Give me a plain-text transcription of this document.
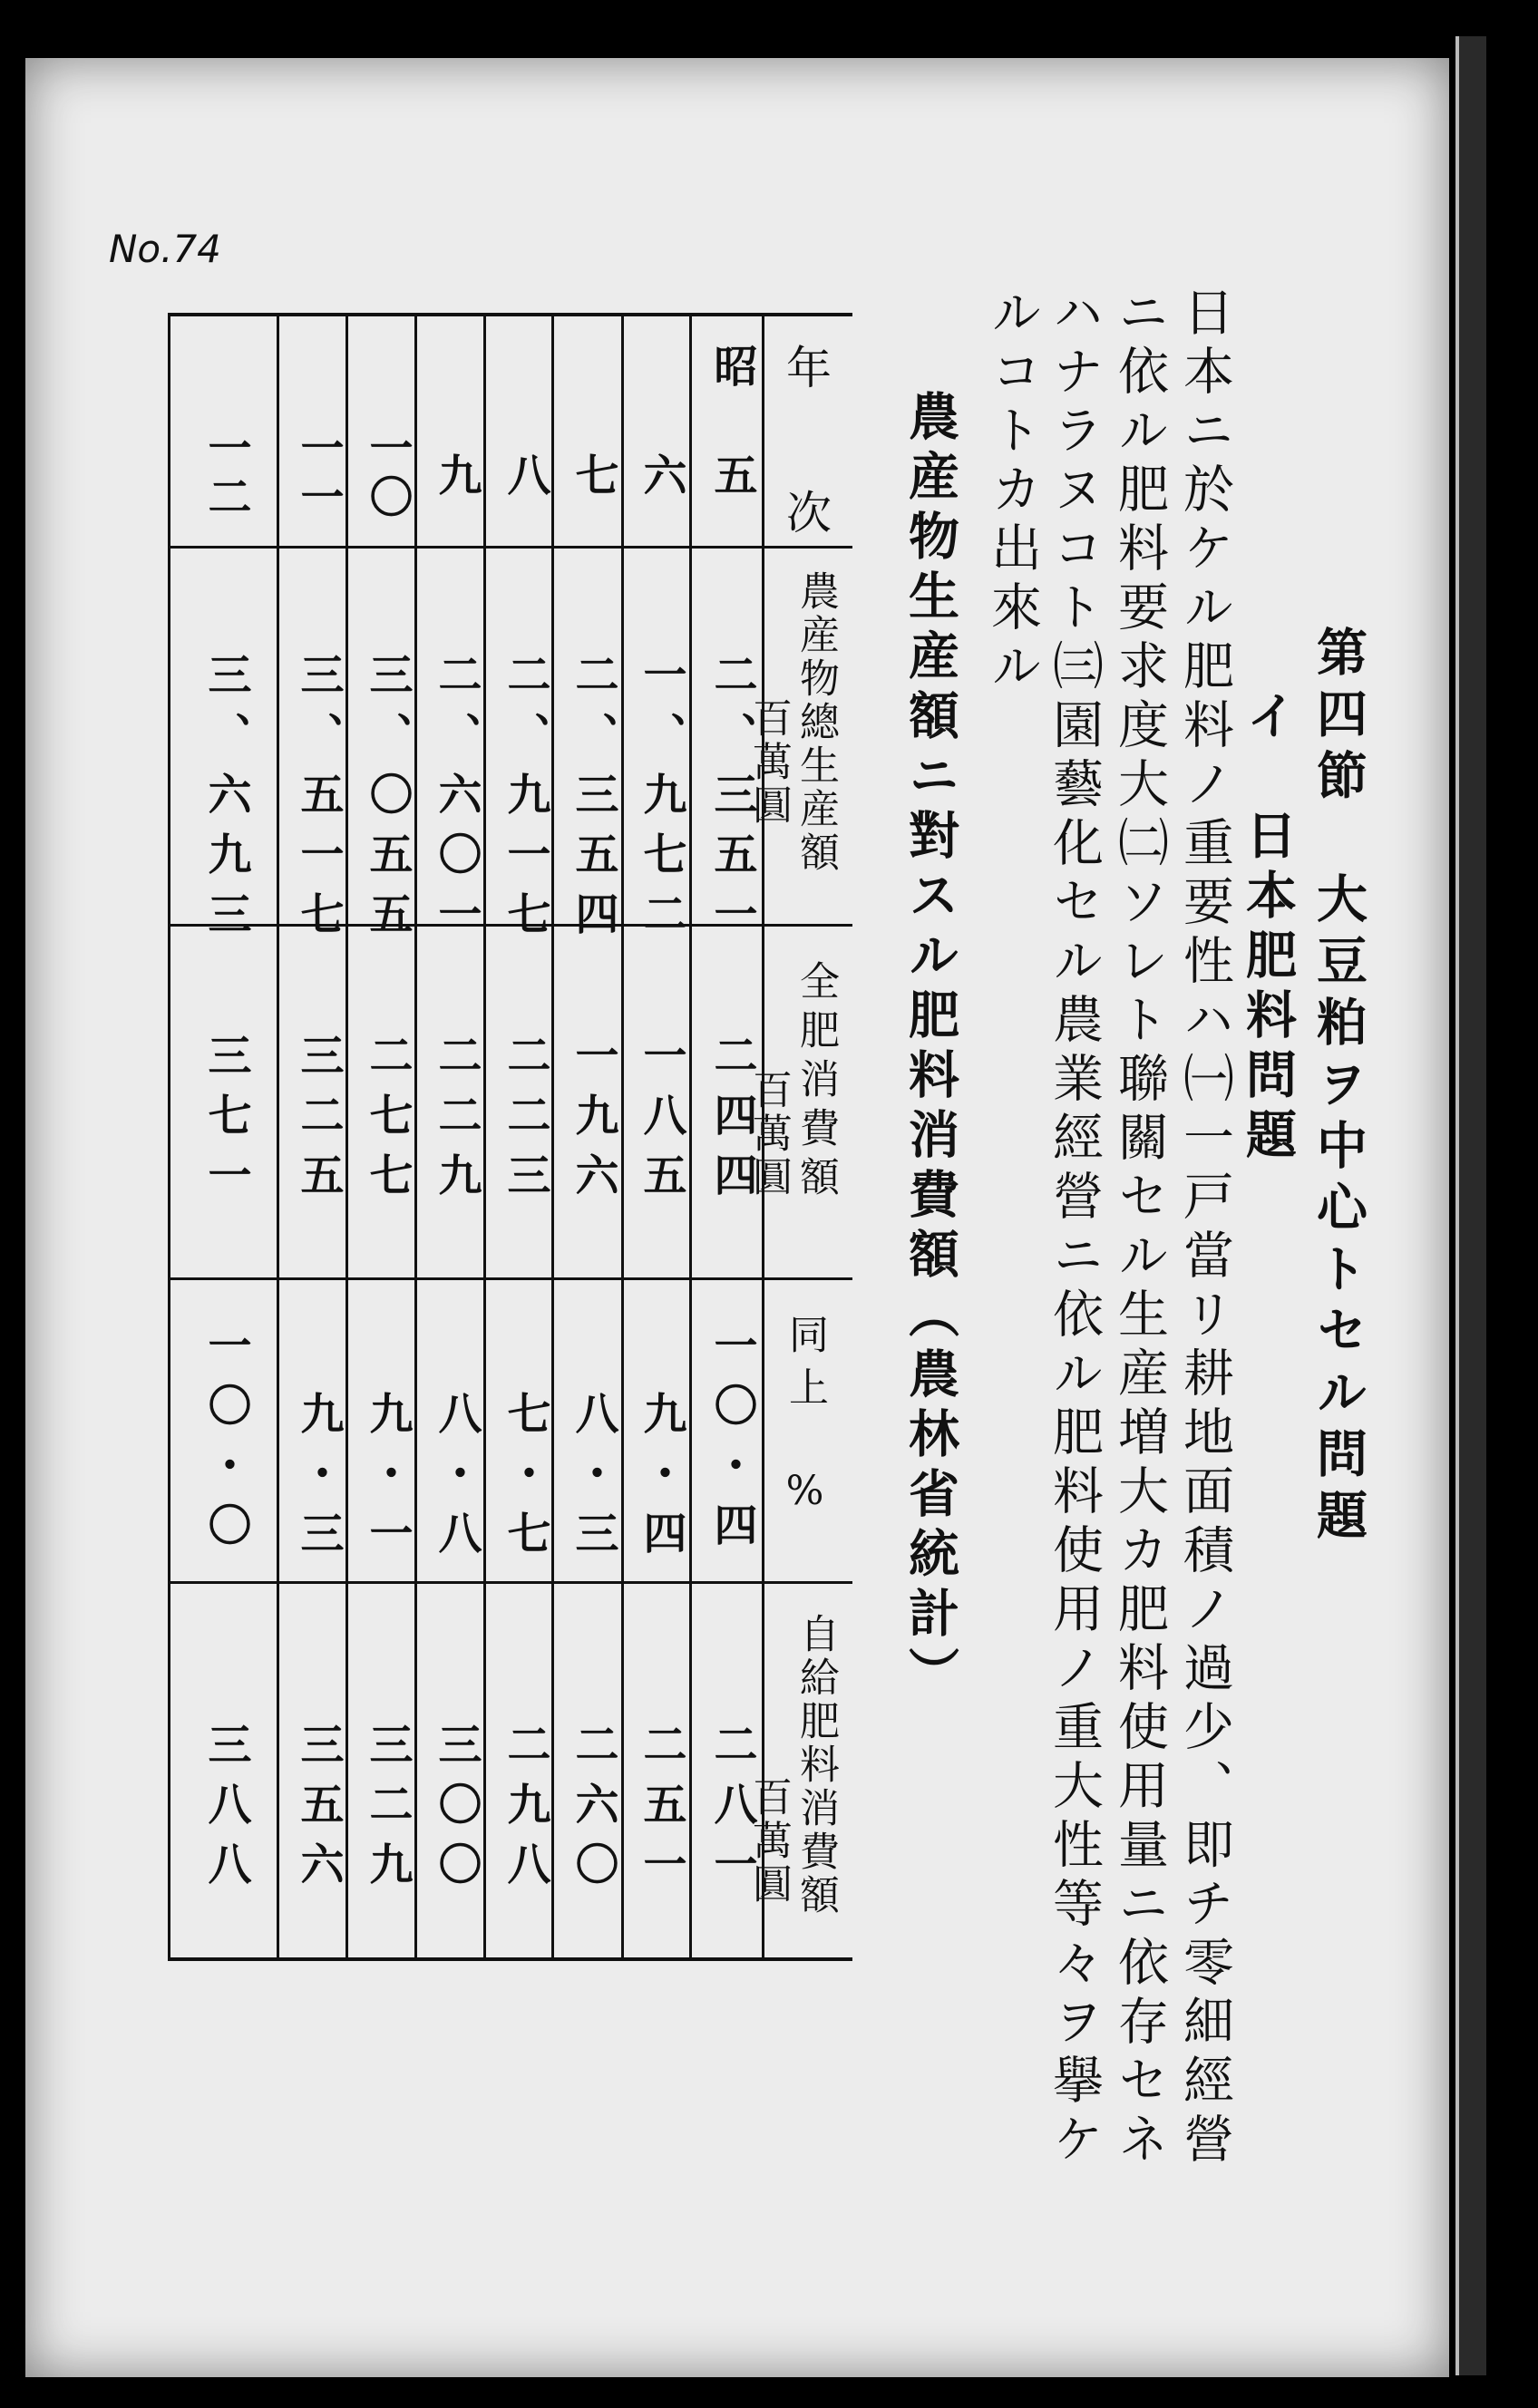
No.74
第四節　大豆粕ヲ中心トセル問題
イ　日本肥料問題
日本ニ於ケル肥料ノ重要性ハ㈠一戸當リ耕地面積ノ過少、即チ零細經營
ニ依ル肥料要求度大㈡ソレト聯關セル生産増大カ肥料使用量ニ依存セネ
ハナラヌコト㈢園藝化セル農業經營ニ依ル肥料使用ノ重大性等々ヲ擧ケ
ルコトカ出來ル
農産物生産額ニ對スル肥料消費額（農林省統計）
年　次
農産物總生産額
百萬圓
全肥消費額
百萬圓
同上
%
自給肥料消費額
百萬圓
昭
五
二、三五一
二四四
一〇・四
二八一
六
一、九七二
一八五
九・四
二五一
七
二、三五四
一九六
八・三
二六〇
八
二、九一七
二二三
七・七
二九八
九
二、六〇一
二二九
八・八
三〇〇
一〇
三、〇五五
二七七
九・一
三二九
一一
三、五一七
三二五
九・三
三五六
一二
三、六九三
三七一
一〇・〇
三八八
